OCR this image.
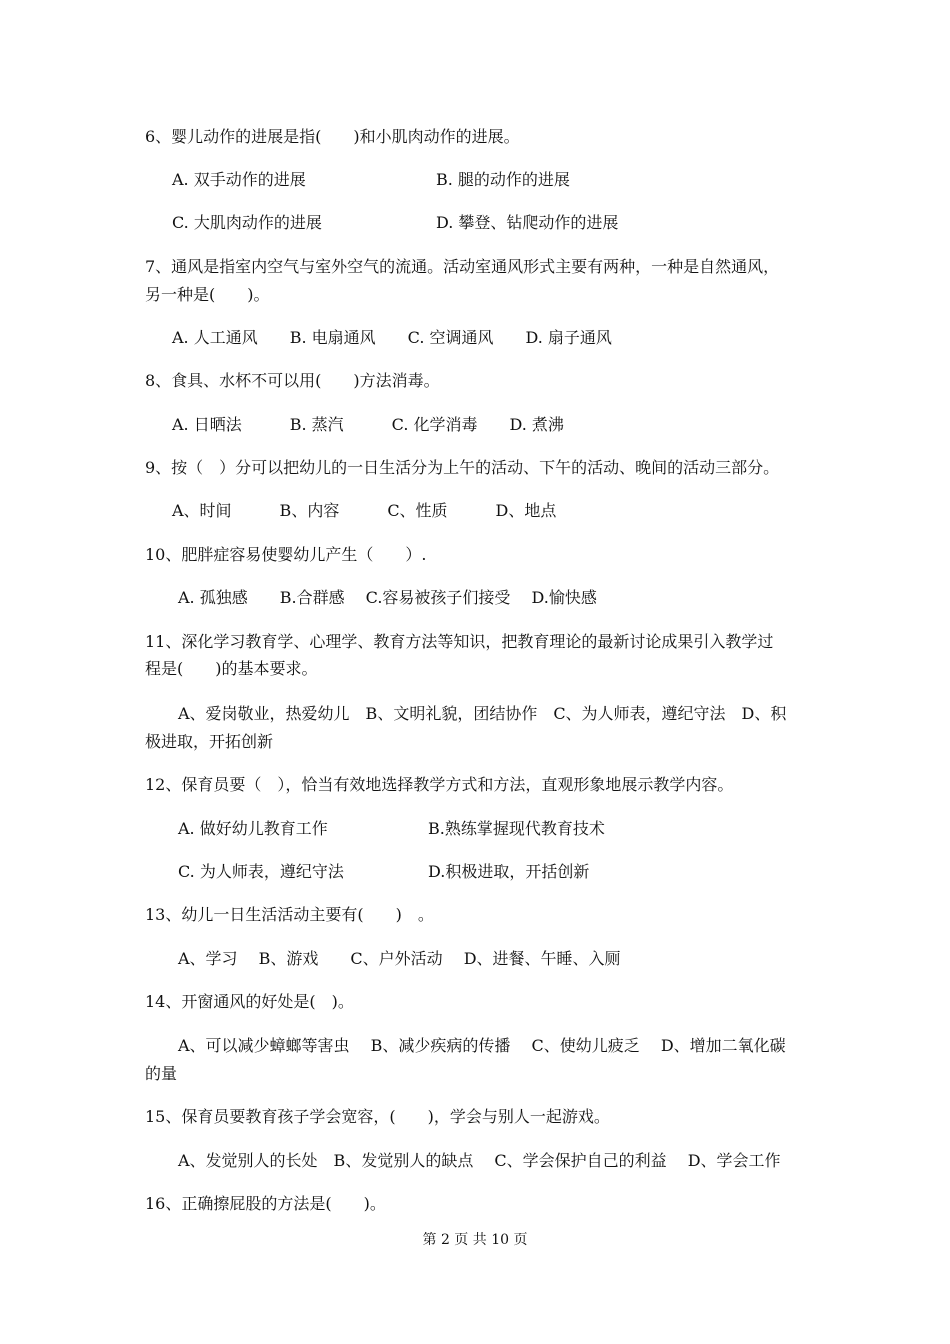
6、婴儿动作的进展是指(　　)和小肌肉动作的进展。
A. 双手动作的进展	B. 腿的动作的进展
C. 大肌肉动作的进展	D. 攀登、钻爬动作的进展
7、通风是指室内空气与室外空气的流通。活动室通风形式主要有两种，一种是自然通风，
另一种是(　　)。
A. 人工通风　　B. 电扇通风　　C. 空调通风　　D. 扇子通风
8、食具、水杯不可以用(　　)方法消毒。
A. 日晒法　　　B. 蒸汽　　　C. 化学消毒　　D. 煮沸
9、按（　）分可以把幼儿的一日生活分为上午的活动、下午的活动、晚间的活动三部分。
A、时间　　　B、内容　　　C、性质　　　D、地点
10、肥胖症容易使婴幼儿产生（　　）.
A. 孤独感　　B.合群感　 C.容易被孩子们接受　 D.愉快感
11、深化学习教育学、心理学、教育方法等知识，把教育理论的最新讨论成果引入教学过
程是(　　)的基本要求。
A、爱岗敬业，热爱幼儿　B、文明礼貌，团结协作　C、为人师表，遵纪守法　D、积
极进取，开拓创新
12、保育员要（　），恰当有效地选择教学方式和方法，直观形象地展示教学内容。
A. 做好幼儿教育工作	B.熟练掌握现代教育技术
C. 为人师表，遵纪守法	D.积极进取，开括创新
13、幼儿一日生活活动主要有(　　)　。
A、学习　 B、游戏　　C、户外活动　 D、进餐、午睡、入厕
14、开窗通风的好处是(　)。
A、可以减少蟑螂等害虫　 B、减少疾病的传播　 C、使幼儿疲乏　 D、增加二氧化碳
的量
15、保育员要教育孩子学会宽容，(　　)，学会与别人一起游戏。
A、发觉别人的长处　B、发觉别人的缺点　 C、学会保护自己的利益　 D、学会工作
16、正确擦屁股的方法是(　　)。
第 2 页 共 10 页
